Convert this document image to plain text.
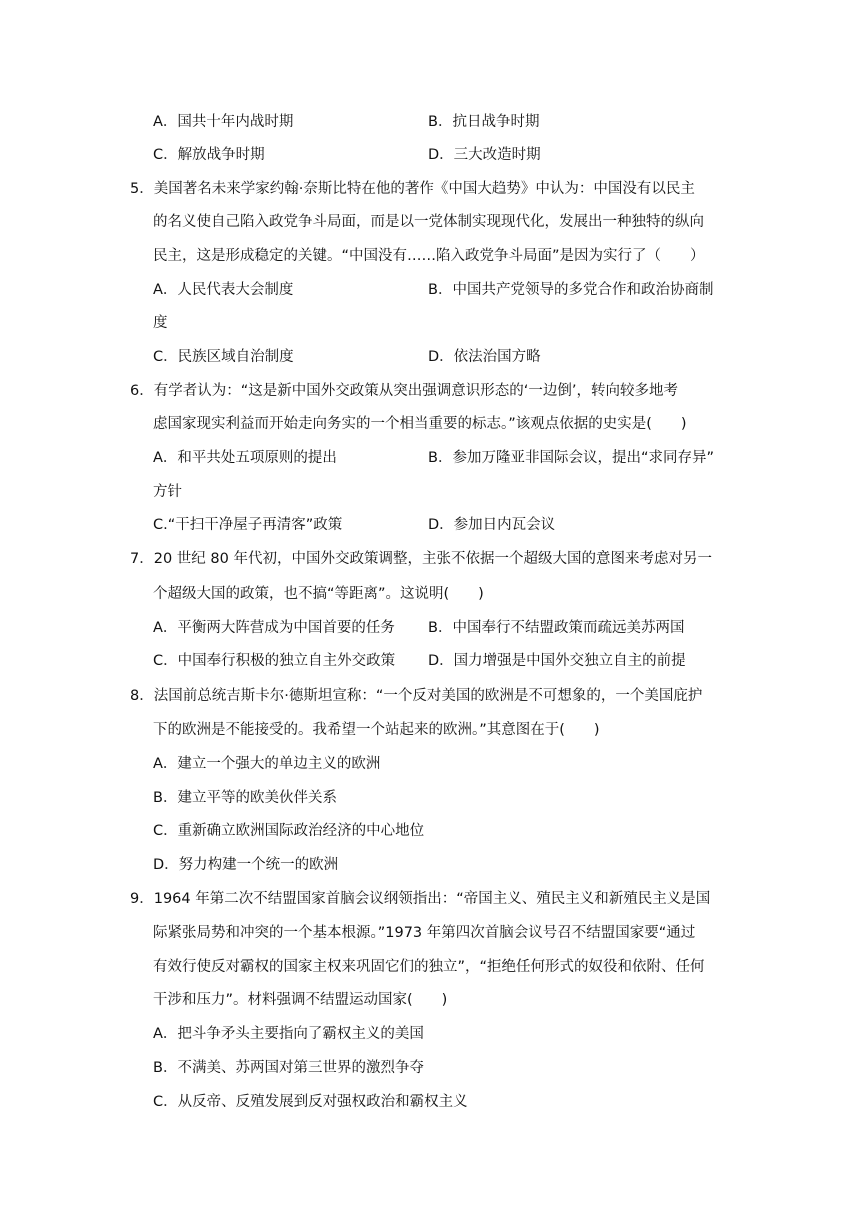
A．国共十年内战时期	B．抗日战争时期
C．解放战争时期	D．三大改造时期
5．美国著名未来学家约翰·奈斯比特在他的著作《中国大趋势》中认为：中国没有以民主
的名义使自己陷入政党争斗局面，而是以一党体制实现现代化，发展出一种独特的纵向
民主，这是形成稳定的关键。“中国没有……陷入政党争斗局面”是因为实行了（　　）
A．人民代表大会制度	B．中国共产党领导的多党合作和政治协商制
度
C．民族区域自治制度	D．依法治国方略
6．有学者认为：“这是新中国外交政策从突出强调意识形态的‘一边倒’，转向较多地考
虑国家现实利益而开始走向务实的一个相当重要的标志。”该观点依据的史实是(　　)
A．和平共处五项原则的提出	B．参加万隆亚非国际会议，提出“求同存异”
方针
C.“干扫干净屋子再清客”政策	D．参加日内瓦会议
7．20 世纪 80 年代初，中国外交政策调整，主张不依据一个超级大国的意图来考虑对另一
个超级大国的政策，也不搞“等距离”。这说明(　　)
A．平衡两大阵营成为中国首要的任务 B．中国奉行不结盟政策而疏远美苏两国
C．中国奉行积极的独立自主外交政策 D．国力增强是中国外交独立自主的前提
8．法国前总统吉斯卡尔·德斯坦宣称：“一个反对美国的欧洲是不可想象的，一个美国庇护
下的欧洲是不能接受的。我希望一个站起来的欧洲。”其意图在于(　　)
A．建立一个强大的单边主义的欧洲
B．建立平等的欧美伙伴关系
C．重新确立欧洲国际政治经济的中心地位
D．努力构建一个统一的欧洲
9．1964 年第二次不结盟国家首脑会议纲领指出：“帝国主义、殖民主义和新殖民主义是国
际紧张局势和冲突的一个基本根源。”1973 年第四次首脑会议号召不结盟国家要“通过
有效行使反对霸权的国家主权来巩固它们的独立”，“拒绝任何形式的奴役和依附、任何
干涉和压力”。材料强调不结盟运动国家(　　)
A．把斗争矛头主要指向了霸权主义的美国
B．不满美、苏两国对第三世界的激烈争夺
C．从反帝、反殖发展到反对强权政治和霸权主义
